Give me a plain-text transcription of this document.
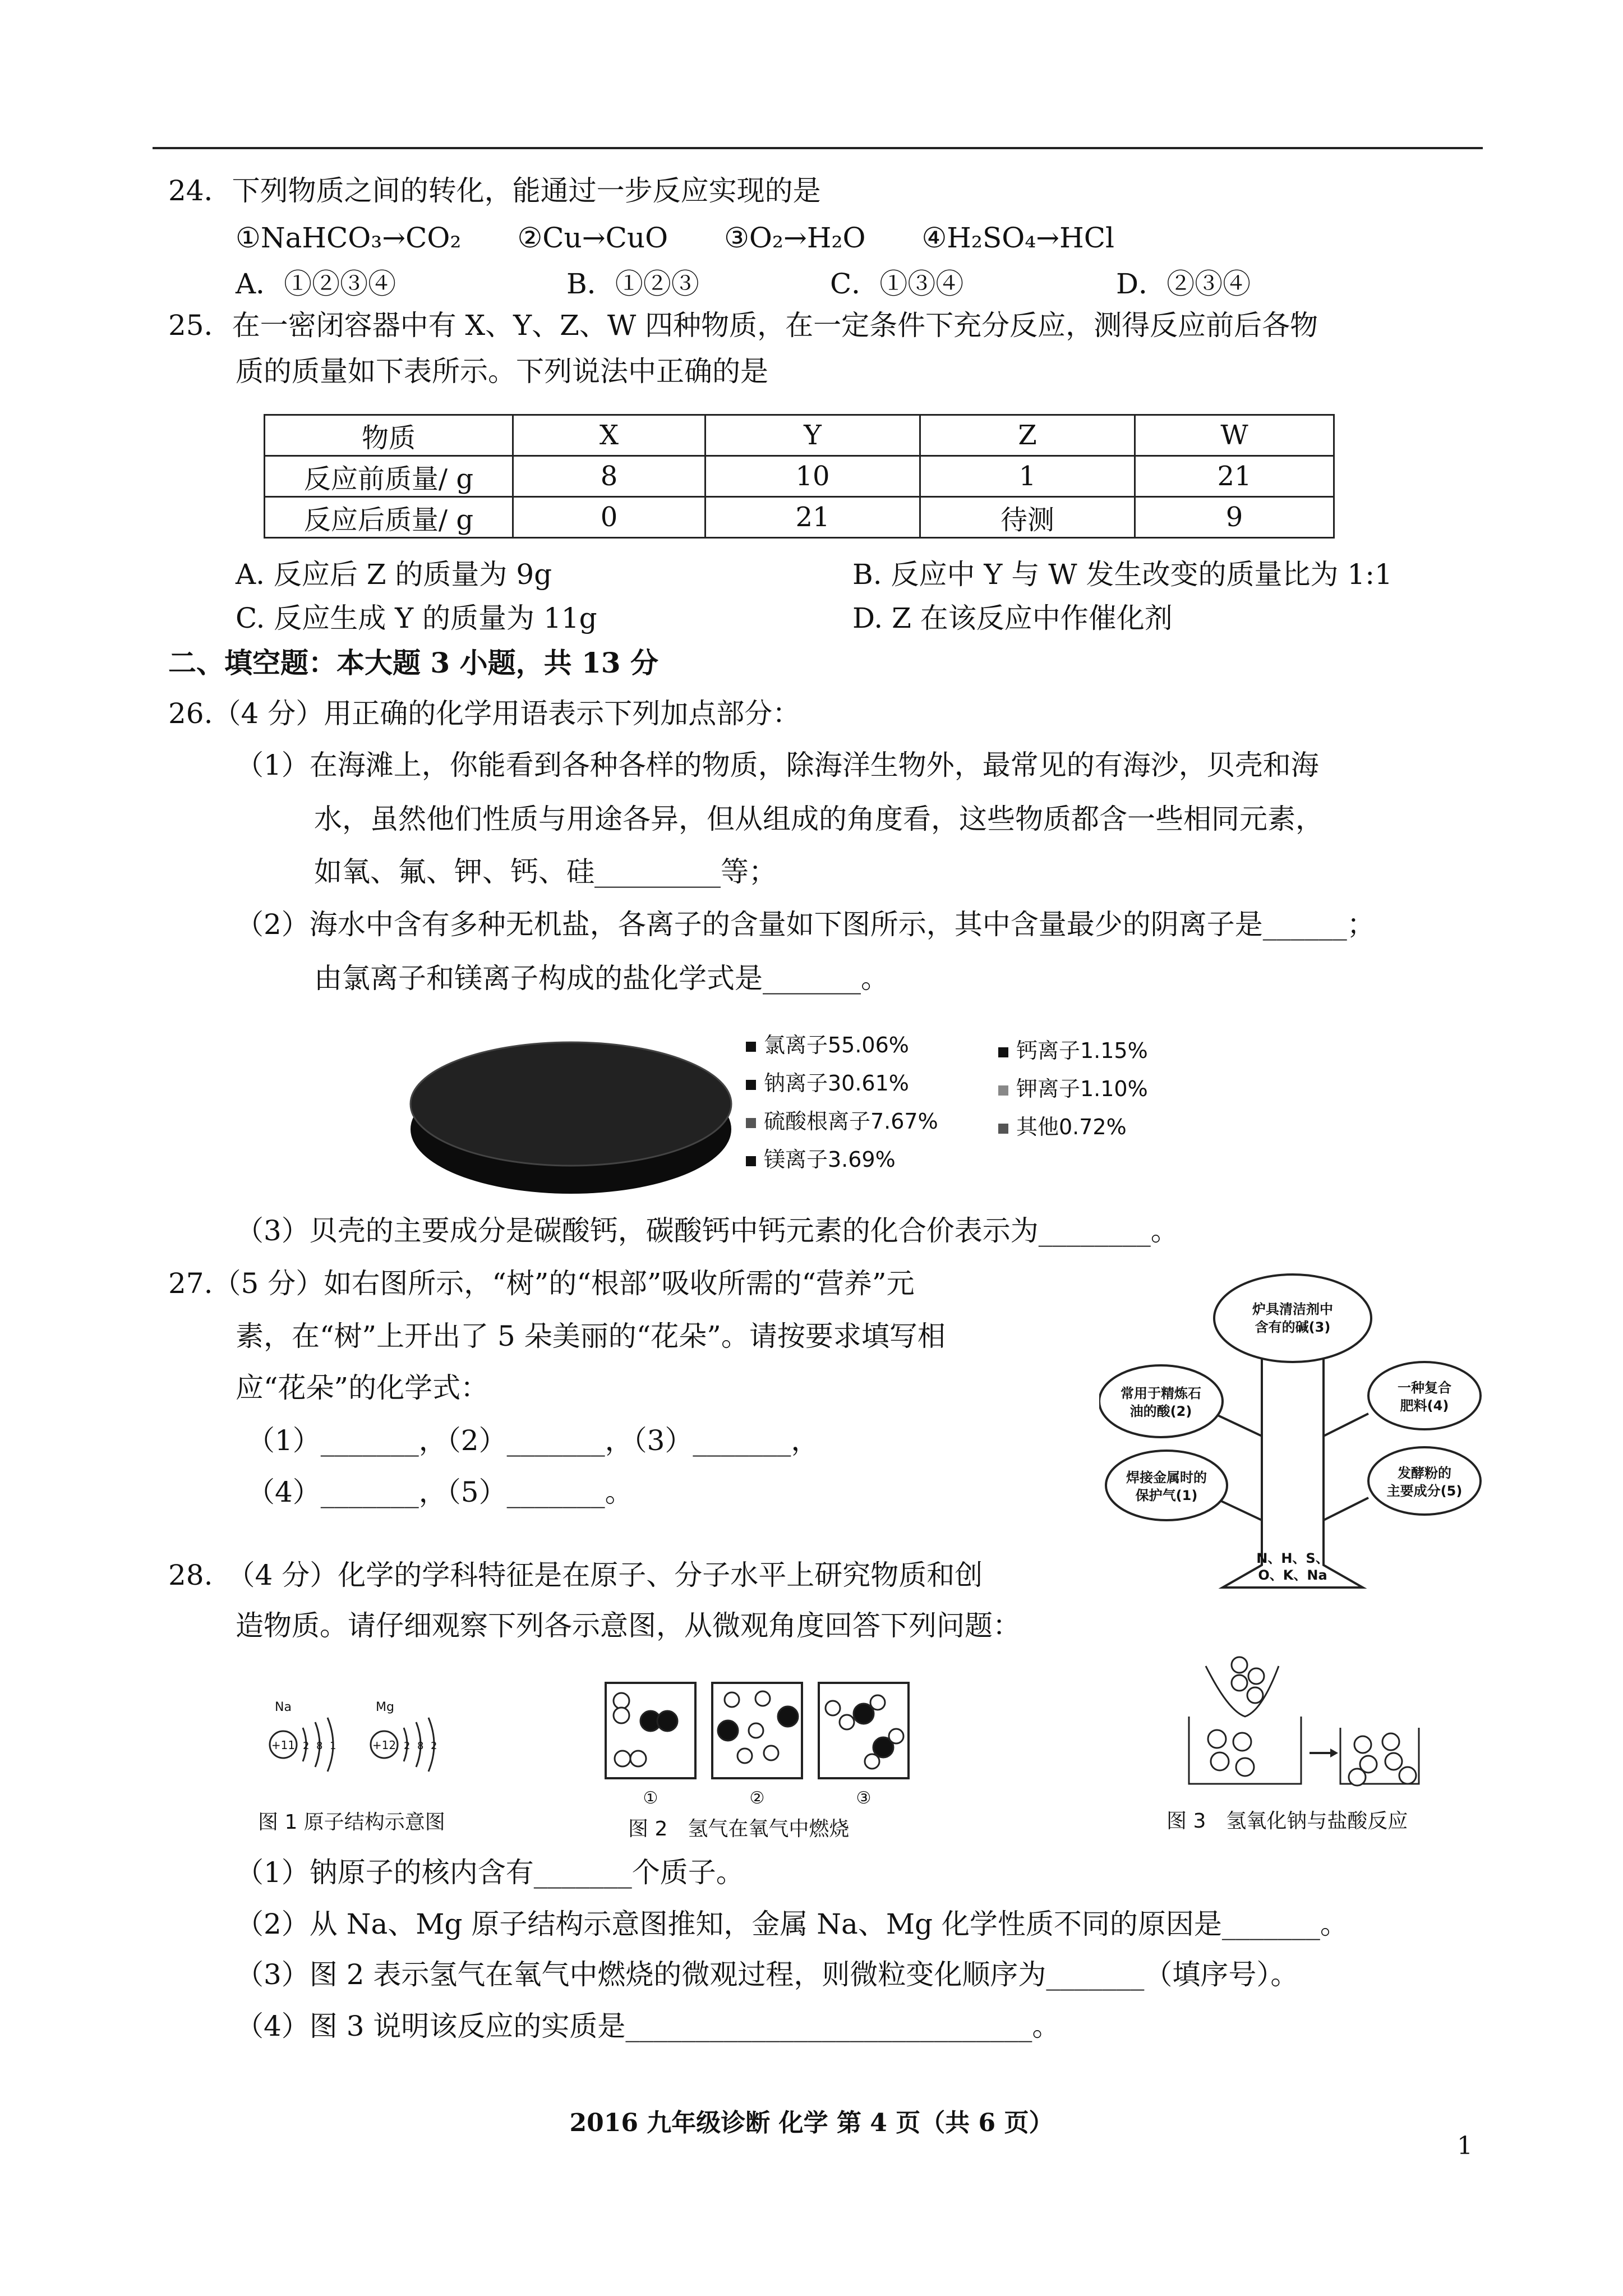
24．下列物质之间的转化，能通过一步反应实现的是
①NaHCO₃→CO₂　　②Cu→CuO　　③O₂→H₂O　　④H₂SO₄→HCl
A．①②③④	B．①②③	C．①③④	D．②③④
25．在一密闭容器中有 X、Y、Z、W 四种物质，在一定条件下充分反应，测得反应前后各物
质的质量如下表所示。下列说法中正确的是
物质	X	Y	Z	W
反应前质量/ g	8	10	1	21
反应后质量/ g	0	21	待测	9
A. 反应后 Z 的质量为 9g	B. 反应中 Y 与 W 发生改变的质量比为 1:1
C. 反应生成 Y 的质量为 11g	D. Z 在该反应中作催化剂
二、填空题：本大题 3 小题，共 13 分
26.（4 分）用正确的化学用语表示下列加点部分：
（1）在海滩上，你能看到各种各样的物质，除海洋生物外，最常见的有海沙，贝壳和海
水，虽然他们性质与用途各异，但从组成的角度看，这些物质都含一些相同元素，
如氧、氟、钾、钙、硅_________等；
（2）海水中含有多种无机盐，各离子的含量如下图所示，其中含量最少的阴离子是______；
由氯离子和镁离子构成的盐化学式是_______。
氯离子55.06%
钠离子30.61%
硫酸根离子7.67%
镁离子3.69%
钙离子1.15%
钾离子1.10%
其他0.72%
（3）贝壳的主要成分是碳酸钙，碳酸钙中钙元素的化合价表示为________。
27.（5 分）如右图所示，“树”的“根部”吸收所需的“营养”元
素，在“树”上开出了 5 朵美丽的“花朵”。请按要求填写相
应“花朵”的化学式：
（1）_______，（2）_______，（3）_______，
（4）_______，（5）_______。
炉具清洁剂中
含有的碱(3)
常用于精炼石
油的酸(2)
一种复合
肥料(4)
焊接金属时的
保护气(1)
发酵粉的
主要成分(5)
N、H、S、
O、K、Na
28.　（4 分）化学的学科特征是在原子、分子水平上研究物质和创
造物质。请仔细观察下列各示意图，从微观角度回答下列问题：
Na	Mg
+11 2 8 1	+12 2 8 2
图 1 原子结构示意图
①	②	③
图 2　氢气在氧气中燃烧	图 3　氢氧化钠与盐酸反应
（1）钠原子的核内含有_______个质子。
（2）从 Na、Mg 原子结构示意图推知，金属 Na、Mg 化学性质不同的原因是_______。
（3）图 2 表示氢气在氧气中燃烧的微观过程，则微粒变化顺序为_______（填序号）。
（4）图 3 说明该反应的实质是_____________________________。
2016 九年级诊断 化学 第 4 页（共 6 页）
1
